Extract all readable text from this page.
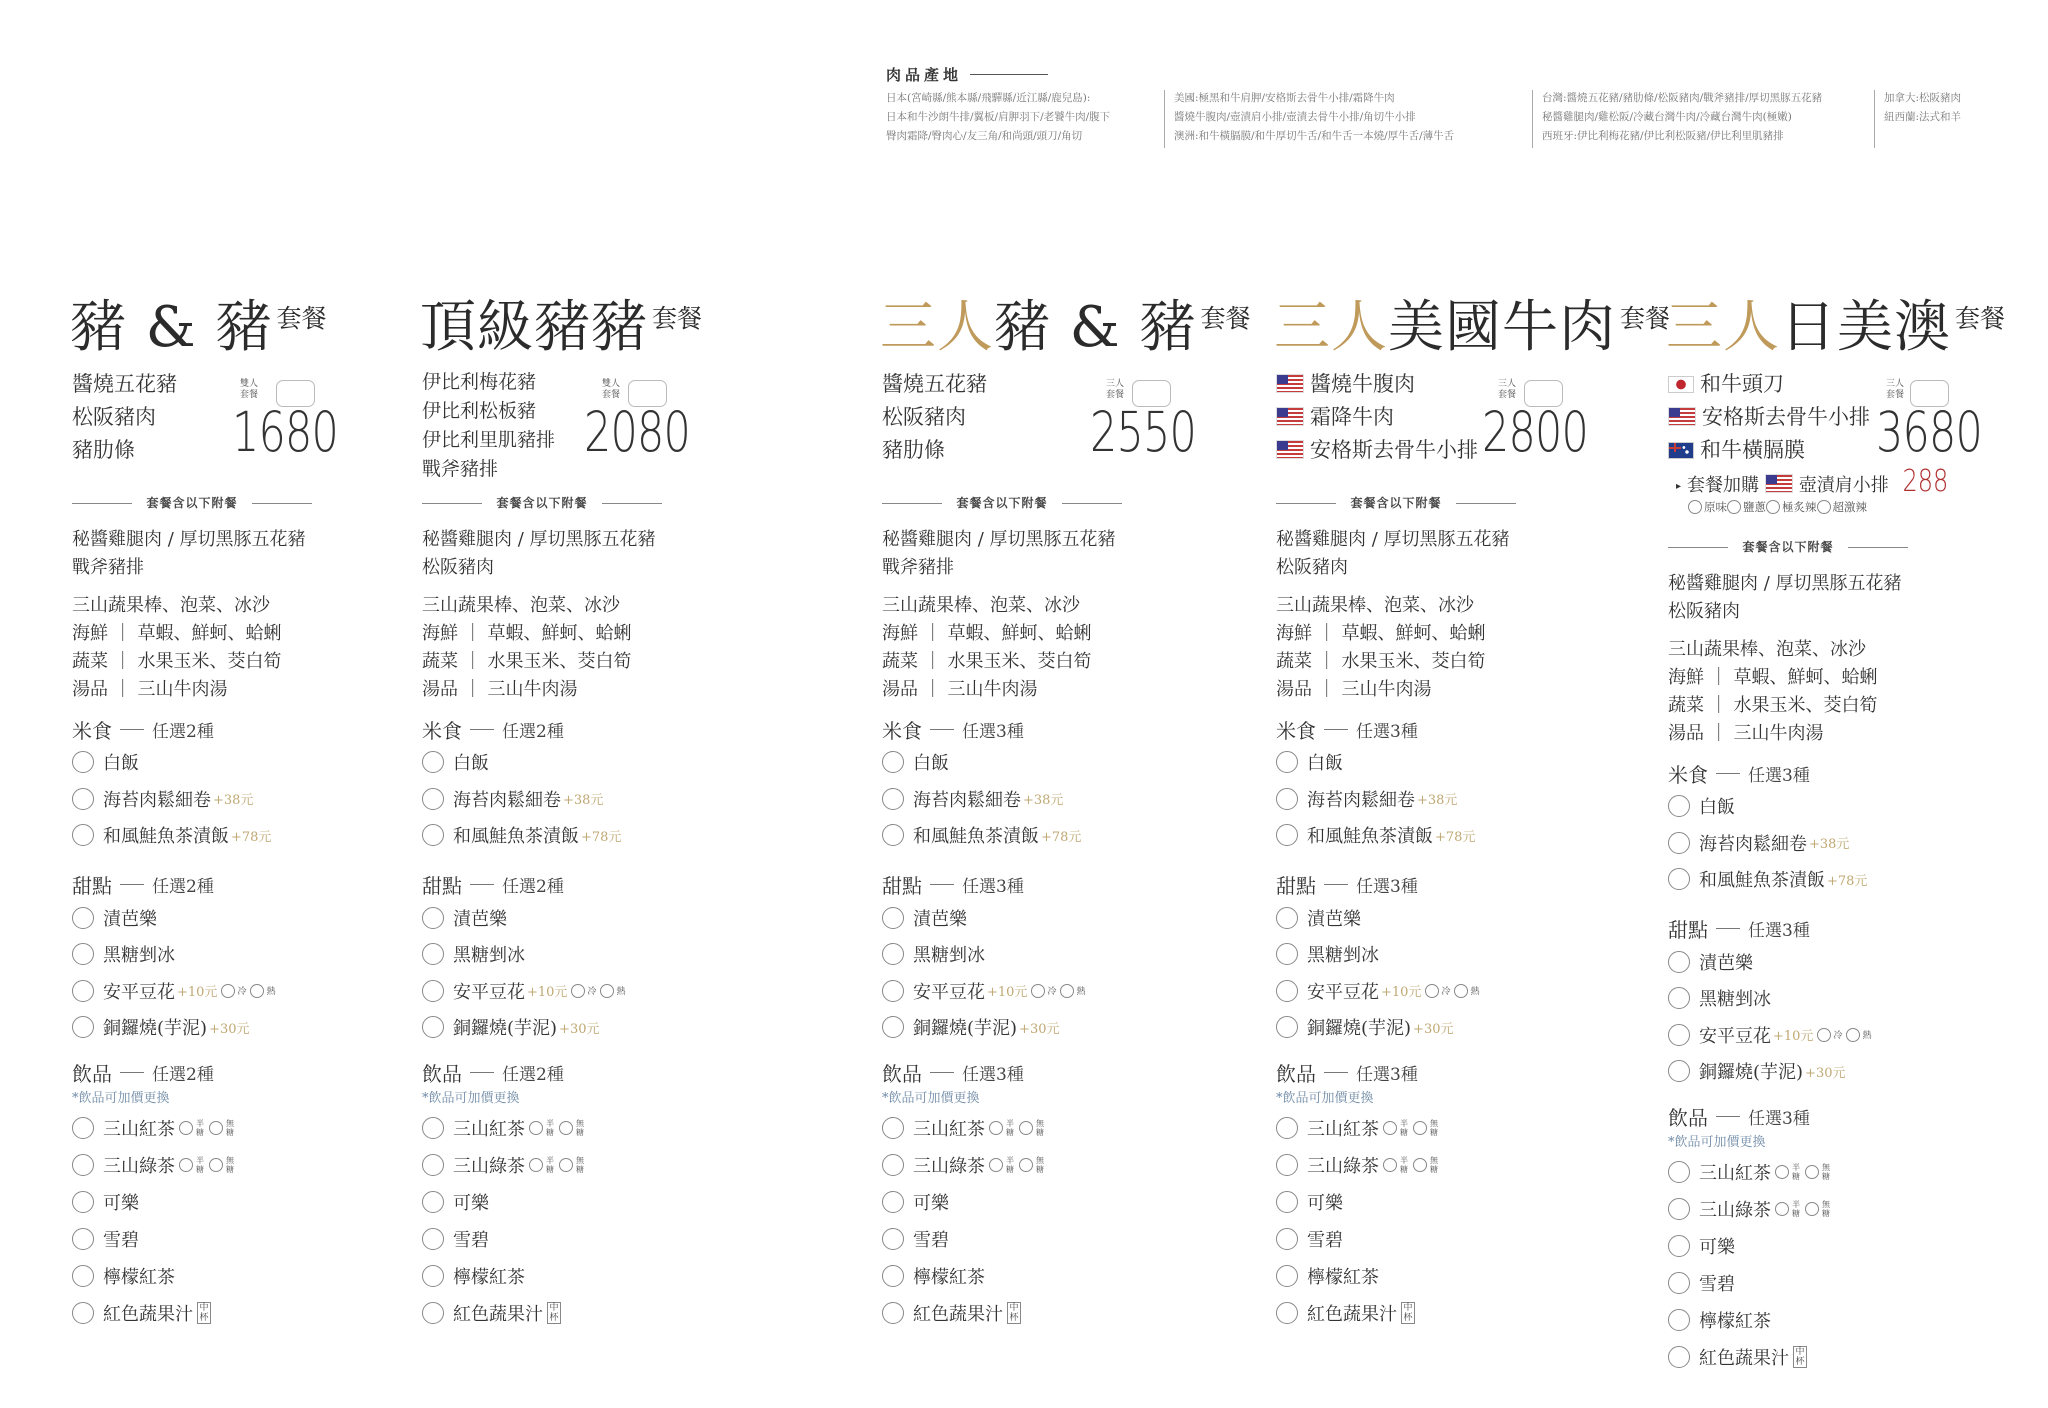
肉品產地
日本(宮崎縣/熊本縣/飛驒縣/近江縣/鹿兒島):
日本和牛沙朗牛排/翼板/肩胛羽下/老饕牛肉/腹下
臀肉霜降/臀肉心/友三角/和尚頭/頭刀/角切
美國:極黑和牛肩胛/安格斯去骨牛小排/霜降牛肉
醬燒牛腹肉/壺漬肩小排/壺漬去骨牛小排/角切牛小排
澳洲:和牛橫膈膜/和牛厚切牛舌/和牛舌一本燒/厚牛舌/薄牛舌
台灣:醬燒五花豬/豬肋條/松阪豬肉/戰斧豬排/厚切黑豚五花豬
秘醬雞腿肉/雞松阪/冷藏台灣牛肉/冷藏台灣牛肉(極嫩)
西班牙:伊比利梅花豬/伊比利松阪豬/伊比利里肌豬排
加拿大:松阪豬肉
紐西蘭:法式和羊
豬 & 豬 套餐
醬燒五花豬
松阪豬肉
豬肋條
雙人套餐
1680
套餐含以下附餐
秘醬雞腿肉 / 厚切黑豚五花豬
戰斧豬排
三山蔬果棒、泡菜、冰沙
海鮮 ｜ 草蝦、鮮蚵、蛤蜊
蔬菜 ｜ 水果玉米、茭白筍
湯品 ｜ 三山牛肉湯
米食 任選2種
白飯
海苔肉鬆細卷 +38元
和風鮭魚茶漬飯 +78元
甜點 任選2種
漬芭樂
黑糖剉冰
安平豆花 +10元 冷 熱
銅鑼燒(芋泥) +30元
飲品 任選2種
*飲品可加價更換
三山紅茶	半
糖
無
糖
三山綠茶	半
糖
無
糖
可樂
雪碧
檸檬紅茶
紅色蔬果汁 中
杯
頂級豬豬 套餐
伊比利梅花豬
伊比利松板豬
伊比利里肌豬排
戰斧豬排
雙人套餐
2080
套餐含以下附餐
秘醬雞腿肉 / 厚切黑豚五花豬
松阪豬肉
三山蔬果棒、泡菜、冰沙
海鮮 ｜ 草蝦、鮮蚵、蛤蜊
蔬菜 ｜ 水果玉米、茭白筍
湯品 ｜ 三山牛肉湯
米食 任選2種
白飯
海苔肉鬆細卷 +38元
和風鮭魚茶漬飯 +78元
甜點 任選2種
漬芭樂
黑糖剉冰
安平豆花 +10元 冷 熱
銅鑼燒(芋泥) +30元
飲品 任選2種
*飲品可加價更換
三山紅茶	半
糖
無
糖
三山綠茶	半
糖
無
糖
可樂
雪碧
檸檬紅茶
紅色蔬果汁 中
杯
三人豬 & 豬 套餐
醬燒五花豬
松阪豬肉
豬肋條
三人套餐
2550
套餐含以下附餐
秘醬雞腿肉 / 厚切黑豚五花豬
戰斧豬排
三山蔬果棒、泡菜、冰沙
海鮮 ｜ 草蝦、鮮蚵、蛤蜊
蔬菜 ｜ 水果玉米、茭白筍
湯品 ｜ 三山牛肉湯
米食 任選3種
白飯
海苔肉鬆細卷 +38元
和風鮭魚茶漬飯 +78元
甜點 任選3種
漬芭樂
黑糖剉冰
安平豆花 +10元 冷 熱
銅鑼燒(芋泥) +30元
飲品 任選3種
*飲品可加價更換
三山紅茶	半
糖
無
糖
三山綠茶	半
糖
無
糖
可樂
雪碧
檸檬紅茶
紅色蔬果汁 中
杯
三人美國牛肉 套餐
醬燒牛腹肉
霜降牛肉
安格斯去骨牛小排
三人套餐
2800
套餐含以下附餐
秘醬雞腿肉 / 厚切黑豚五花豬
松阪豬肉
三山蔬果棒、泡菜、冰沙
海鮮 ｜ 草蝦、鮮蚵、蛤蜊
蔬菜 ｜ 水果玉米、茭白筍
湯品 ｜ 三山牛肉湯
米食 任選3種
白飯
海苔肉鬆細卷 +38元
和風鮭魚茶漬飯 +78元
甜點 任選3種
漬芭樂
黑糖剉冰
安平豆花 +10元 冷 熱
銅鑼燒(芋泥) +30元
飲品 任選3種
*飲品可加價更換
三山紅茶	半
糖
無
糖
三山綠茶	半
糖
無
糖
可樂
雪碧
檸檬紅茶
紅色蔬果汁 中
杯
三人日美澳 套餐
和牛頭刀
安格斯去骨牛小排
和牛橫膈膜
三人套餐
3680
▸ 套餐加購 壺漬肩小排 288
原味 鹽蔥 極炙辣 超激辣
套餐含以下附餐
秘醬雞腿肉 / 厚切黑豚五花豬
松阪豬肉
三山蔬果棒、泡菜、冰沙
海鮮 ｜ 草蝦、鮮蚵、蛤蜊
蔬菜 ｜ 水果玉米、茭白筍
湯品 ｜ 三山牛肉湯
米食 任選3種
白飯
海苔肉鬆細卷 +38元
和風鮭魚茶漬飯 +78元
甜點 任選3種
漬芭樂
黑糖剉冰
安平豆花 +10元 冷 熱
銅鑼燒(芋泥) +30元
飲品 任選3種
*飲品可加價更換
三山紅茶	半
糖
無
糖
三山綠茶	半
糖
無
糖
可樂
雪碧
檸檬紅茶
紅色蔬果汁 中
杯
